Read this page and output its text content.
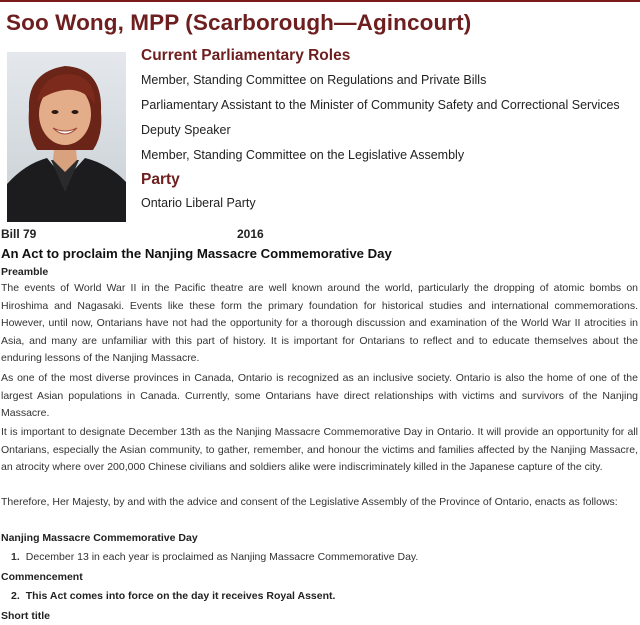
Soo Wong, MPP (Scarborough—Agincourt)
Current Parliamentary Roles
Member, Standing Committee on Regulations and Private Bills
Parliamentary Assistant to the Minister of Community Safety and Correctional Services
Deputy Speaker
Member, Standing Committee on the Legislative Assembly
Party
Ontario Liberal Party
Bill 79	2016
An Act to proclaim the Nanjing Massacre Commemorative Day
Preamble
The events of World War II in the Pacific theatre are well known around the world, particularly the dropping of atomic bombs on Hiroshima and Nagasaki. Events like these form the primary foundation for historical studies and international commemorations. However, until now, Ontarians have not had the opportunity for a thorough discussion and examination of the World War II atrocities in Asia, and many are unfamiliar with this part of history. It is important for Ontarians to reflect and to educate themselves about the enduring lessons of the Nanjing Massacre.
As one of the most diverse provinces in Canada, Ontario is recognized as an inclusive society. Ontario is also the home of one of the largest Asian populations in Canada. Currently, some Ontarians have direct relationships with victims and survivors of the Nanjing Massacre.
It is important to designate December 13th as the Nanjing Massacre Commemorative Day in Ontario. It will provide an opportunity for all Ontarians, especially the Asian community, to gather, remember, and honour the victims and families affected by the Nanjing Massacre, an atrocity where over 200,000 Chinese civilians and soldiers alike were indiscriminately killed in the Japanese capture of the city.
Therefore, Her Majesty, by and with the advice and consent of the Legislative Assembly of the Province of Ontario, enacts as follows:
Nanjing Massacre Commemorative Day
1. December 13 in each year is proclaimed as Nanjing Massacre Commemorative Day.
Commencement
2. This Act comes into force on the day it receives Royal Assent.
Short title
